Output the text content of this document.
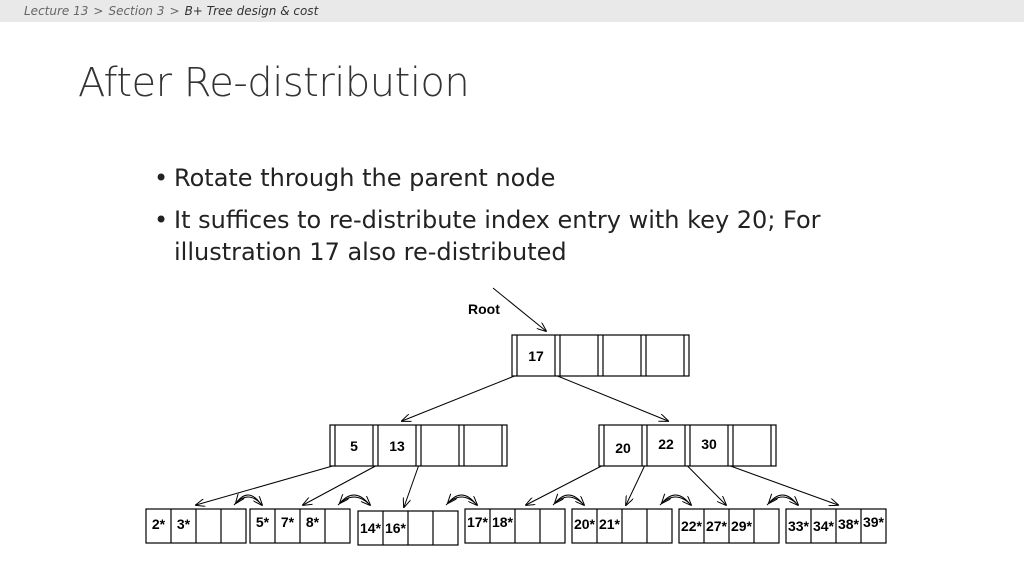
Lecture 13 > Section 3 > B+ Tree design & cost
After Re-distribution
• Rotate through the parent node
• It suffices to re-distribute index entry with key 20; For illustration 17 also re-distributed
17
5 13	20 22 30
2* 3*	5* 7* 8*	14* 16*	17* 18*	20* 21*	22* 27* 29*	33* 34* 38* 39*
Root
